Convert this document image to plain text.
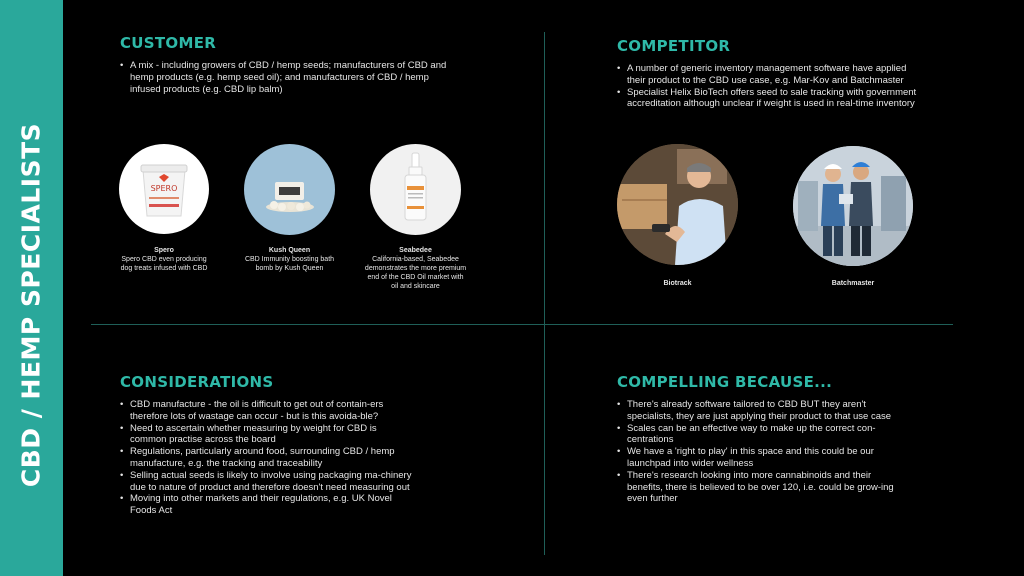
CBD / HEMP SPECIALISTS
CUSTOMER
• A mix - including growers of CBD / hemp seeds; manufacturers of CBD and hemp products (e.g. hemp seed oil); and manufacturers of CBD / hemp infused products (e.g. CBD lip balm)
SPERO
Spero
Spero CBD even producing dog treats infused with CBD
Kush Queen
CBD Immunity boosting bath bomb by Kush Queen
Seabedee
California-based, Seabedee demonstrates the more premium end of the CBD Oil market with oil and skincare
COMPETITOR
• A number of generic inventory management software have applied their product to the CBD use case, e.g. Mar-Kov and Batchmaster
• Specialist Helix BioTech offers seed to sale tracking with government accreditation although unclear if weight is used in real-time inventory
Biotrack	Batchmaster
CONSIDERATIONS
• CBD manufacture - the oil is difficult to get out of contain-ers therefore lots of wastage can occur - but is this avoida-ble?
• Need to ascertain whether measuring by weight for CBD is common practise across the board
• Regulations, particularly around food, surrounding CBD / hemp manufacture, e.g. the tracking and traceability
• Selling actual seeds is likely to involve using packaging ma-chinery due to nature of product and therefore doesn't need measuring out
• Moving into other markets and their regulations, e.g. UK Novel Foods Act
COMPELLING BECAUSE...
• There's already software tailored to CBD BUT they aren't specialists, they are just applying their product to that use case
• Scales can be an effective way to make up the correct con-centrations
• We have a 'right to play' in this space and this could be our launchpad into wider wellness
• There's research looking into more cannabinoids and their benefits, there is believed to be over 120, i.e. could be grow-ing even further
